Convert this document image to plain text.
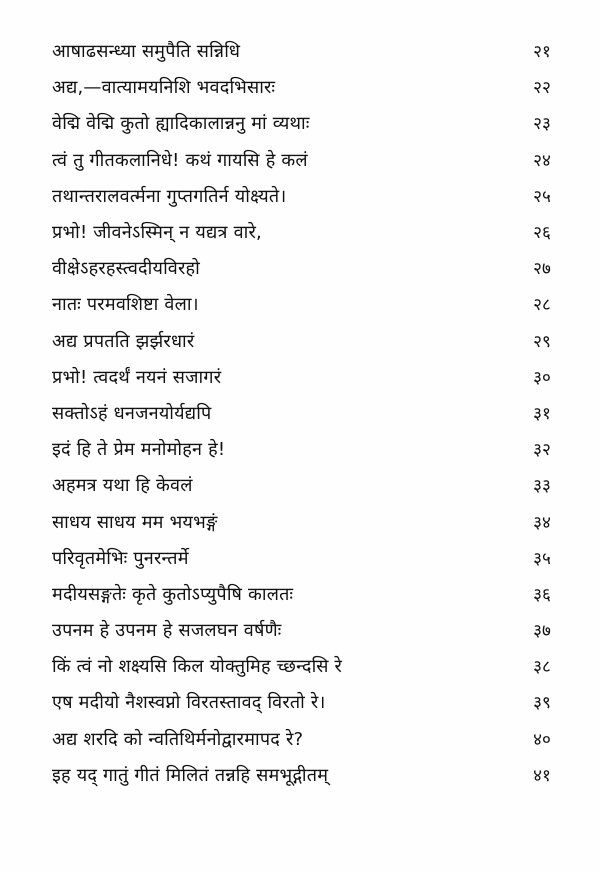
आषाढसन्ध्या समुपैति सन्निधि	२१
अद्य,—वात्यामयनिशि भवदभिसारः	२२
वेद्मि वेद्मि कुतो ह्यादिकालान्ननु मां व्यथाः	२३
त्वं तु गीतकलानिधे! कथं गायसि हे कलं	२४
तथान्तरालवर्त्मना गुप्तगतिर्न योक्ष्यते।	२५
प्रभो! जीवनेऽस्मिन् न यद्यत्र वारे,	२६
वीक्षेऽहरहस्त्वदीयविरहो	२७
नातः परमवशिष्टा वेला।	२८
अद्य प्रपतति झर्झरधारं	२९
प्रभो! त्वदर्थं नयनं सजागरं	३०
सक्तोऽहं धनजनयोर्यद्यपि	३१
इदं हि ते प्रेम मनोमोहन हे!	३२
अहमत्र यथा हि केवलं	३३
साधय साधय मम भयभङ्गं	३४
परिवृतमेभिः पुनरन्तर्मे	३५
मदीयसङ्गतेः कृते कुतोऽप्युपैषि कालतः	३६
उपनम हे उपनम हे सजलघन वर्षणैः	३७
किं त्वं नो शक्ष्यसि किल योक्तुमिह च्छन्दसि रे	३८
एष मदीयो नैशस्वप्नो विरतस्तावद् विरतो रे।	३९
अद्य शरदि को न्वतिथिर्मनोद्वारमापद रे?	४०
इह यद् गातुं गीतं मिलितं तन्नहि समभूद्गीतम्	४१
